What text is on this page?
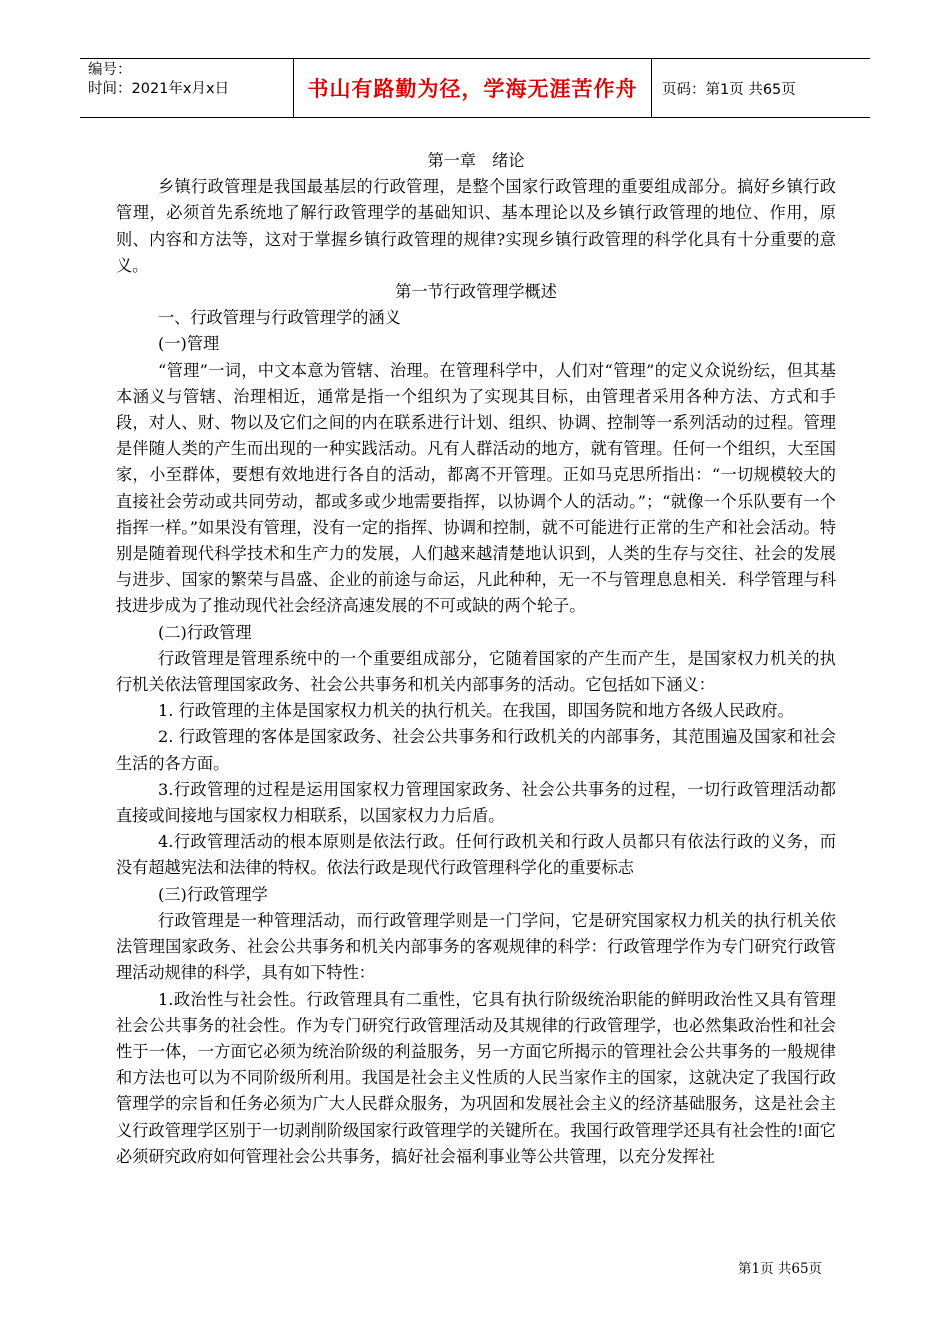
编号：
时间：2021年x月x日	书山有路勤为径，学海无涯苦作舟	页码：第1页 共65页

第一章　绪论

乡镇行政管理是我国最基层的行政管理，是整个国家行政管理的重要组成部分。搞好乡镇行政管理，必须首先系统地了解行政管理学的基础知识、基本理论以及乡镇行政管理的地位、作用，原则、内容和方法等，这对于掌握乡镇行政管理的规律?实现乡镇行政管理的科学化具有十分重要的意义。

第一节行政管理学概述

一、行政管理与行政管理学的涵义

(一)管理

“管理”一词，中文本意为管辖、治理。在管理科学中，人们对“管理”的定义众说纷纭，但其基本涵义与管辖、治理相近，通常是指一个组织为了实现其目标，由管理者采用各种方法、方式和手段，对人、财、物以及它们之间的内在联系进行计划、组织、协调、控制等一系列活动的过程。管理是伴随人类的产生而出现的一种实践活动。凡有人群活动的地方，就有管理。任何一个组织，大至国家，小至群体，要想有效地进行各自的活动，都离不开管理。正如马克思所指出：“一切规模较大的直接社会劳动或共同劳动，都或多或少地需要指挥，以协调个人的活动。”；“就像一个乐队要有一个指挥一样。”如果没有管理，没有一定的指挥、协调和控制，就不可能进行正常的生产和社会活动。特别是随着现代科学技术和生产力的发展，人们越来越清楚地认识到，人类的生存与交往、社会的发展与进步、国家的繁荣与昌盛、企业的前途与命运，凡此种种，无一不与管理息息相关．科学管理与科技进步成为了推动现代社会经济高速发展的不可或缺的两个轮子。

(二)行政管理

行政管理是管理系统中的一个重要组成部分，它随着国家的产生而产生，是国家权力机关的执行机关依法管理国家政务、社会公共事务和机关内部事务的活动。它包括如下涵义：

1. 行政管理的主体是国家权力机关的执行机关。在我国，即国务院和地方各级人民政府。

2. 行政管理的客体是国家政务、社会公共事务和行政机关的内部事务，其范围遍及国家和社会生活的各方面。

3.行政管理的过程是运用国家权力管理国家政务、社会公共事务的过程，一切行政管理活动都直接或间接地与国家权力相联系，以国家权力力后盾。

4.行政管理活动的根本原则是依法行政。任何行政机关和行政人员都只有依法行政的义务，而没有超越宪法和法律的特权。依法行政是现代行政管理科学化的重要标志

(三)行政管理学

行政管理是一种管理活动，而行政管理学则是一门学问，它是研究国家权力机关的执行机关依法管理国家政务、社会公共事务和机关内部事务的客观规律的科学：行政管理学作为专门研究行政管理活动规律的科学，具有如下特性：

1.政治性与社会性。行政管理具有二重性，它具有执行阶级统治职能的鲜明政治性又具有管理社会公共事务的社会性。作为专门研究行政管理活动及其规律的行政管理学，也必然集政治性和社会性于一体，一方面它必须为统治阶级的利益服务，另一方面它所揭示的管理社会公共事务的一般规律和方法也可以为不同阶级所利用。我国是社会主义性质的人民当家作主的国家，这就决定了我国行政管理学的宗旨和任务必须为广大人民群众服务，为巩固和发展社会主义的经济基础服务，这是社会主义行政管理学区别于一切剥削阶级国家行政管理学的关键所在。我国行政管理学还具有社会性的!面它必须研究政府如何管理社会公共事务，搞好社会福利事业等公共管理，以充分发挥社

第1页 共65页
